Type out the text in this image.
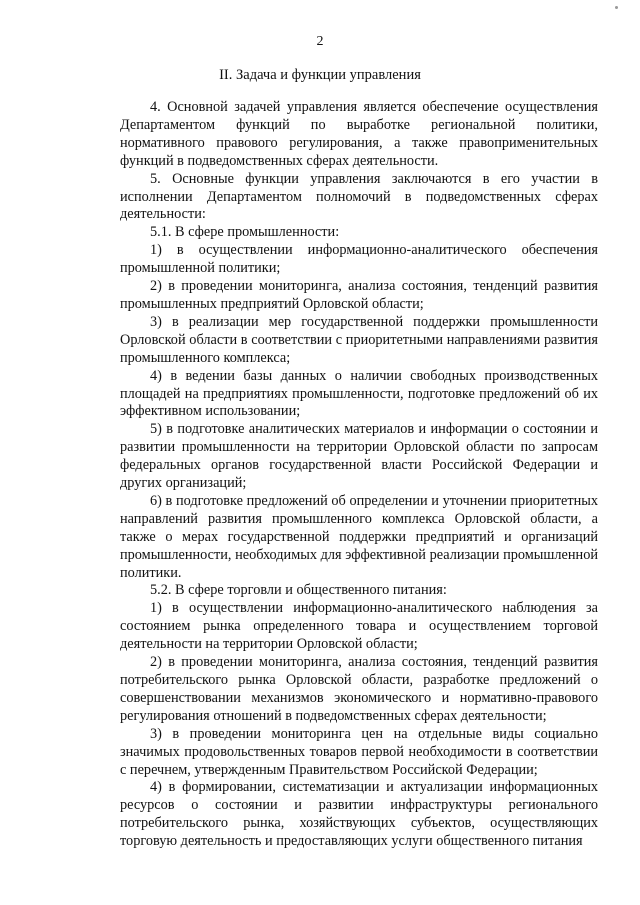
2
II. Задача и функции управления

4. Основной задачей управления является обеспечение осуществления Департаментом функций по выработке региональной политики, нормативного правового регулирования, а также правоприменительных функций в подведомственных сферах деятельности.

5. Основные функции управления заключаются в его участии в исполнении Департаментом полномочий в подведомственных сферах деятельности:

5.1. В сфере промышленности:

1) в осуществлении информационно-аналитического обеспечения промышленной политики;

2) в проведении мониторинга, анализа состояния, тенденций развития промышленных предприятий Орловской области;

3) в реализации мер государственной поддержки промышленности Орловской области в соответствии с приоритетными направлениями развития промышленного комплекса;

4) в ведении базы данных о наличии свободных производственных площадей на предприятиях промышленности, подготовке предложений об их эффективном использовании;

5) в подготовке аналитических материалов и информации о состоянии и развитии промышленности на территории Орловской области по запросам федеральных органов государственной власти Российской Федерации и других организаций;

6) в подготовке предложений об определении и уточнении приоритетных направлений развития промышленного комплекса Орловской области, а также о мерах государственной поддержки предприятий и организаций промышленности, необходимых для эффективной реализации промышленной политики.

5.2. В сфере торговли и общественного питания:

1) в осуществлении информационно-аналитического наблюдения за состоянием рынка определенного товара и осуществлением торговой деятельности на территории Орловской области;

2) в проведении мониторинга, анализа состояния, тенденций развития потребительского рынка Орловской области, разработке предложений о совершенствовании механизмов экономического и нормативно-правового регулирования отношений в подведомственных сферах деятельности;

3) в проведении мониторинга цен на отдельные виды социально значимых продовольственных товаров первой необходимости в соответствии с перечнем, утвержденным Правительством Российской Федерации;

4) в формировании, систематизации и актуализации информационных ресурсов о состоянии и развитии инфраструктуры регионального потребительского рынка, хозяйствующих субъектов, осуществляющих торговую деятельность и предоставляющих услуги общественного питания
